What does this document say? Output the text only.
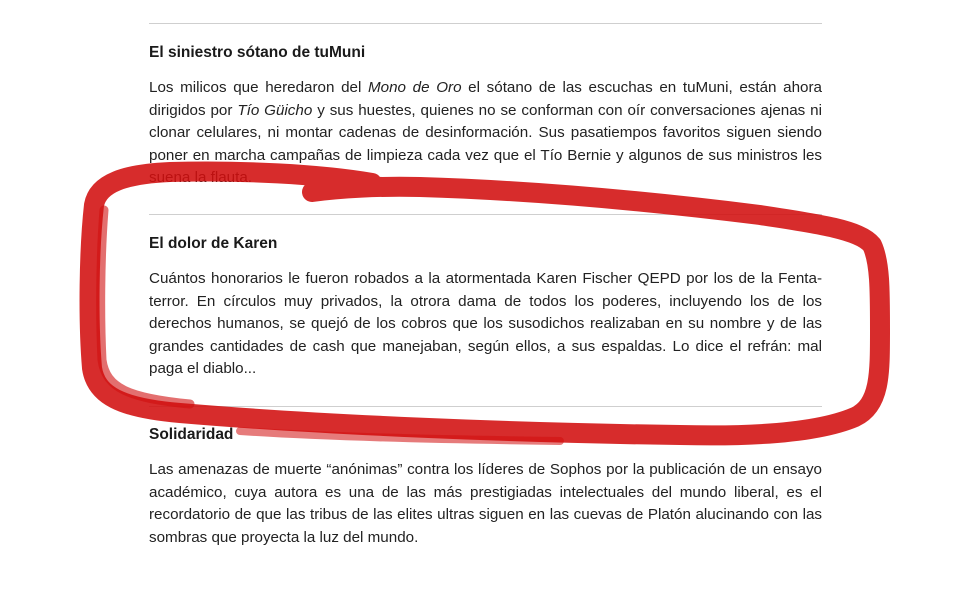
El siniestro sótano de tuMuni

Los milicos que heredaron del Mono de Oro el sótano de las escuchas en tuMuni, están ahora dirigidos por Tío Güicho y sus huestes, quienes no se conforman con oír conversaciones ajenas ni clonar celulares, ni montar cadenas de desinformación. Sus pasatiempos favoritos siguen siendo poner en marcha campañas de limpieza cada vez que el Tío Bernie y algunos de sus ministros les suena la flauta.

El dolor de Karen

Cuántos honorarios le fueron robados a la atormentada Karen Fischer QEPD por los de la Fenta-terror. En círculos muy privados, la otrora dama de todos los poderes, incluyendo los de los derechos humanos, se quejó de los cobros que los susodichos realizaban en su nombre y de las grandes cantidades de cash que manejaban, según ellos, a sus espaldas. Lo dice el refrán: mal paga el diablo...

Solidaridad

Las amenazas de muerte “anónimas” contra los líderes de Sophos por la publicación de un ensayo académico, cuya autora es una de las más prestigiadas intelectuales del mundo liberal, es el recordatorio de que las tribus de las elites ultras siguen en las cuevas de Platón alucinando con las sombras que proyecta la luz del mundo.
